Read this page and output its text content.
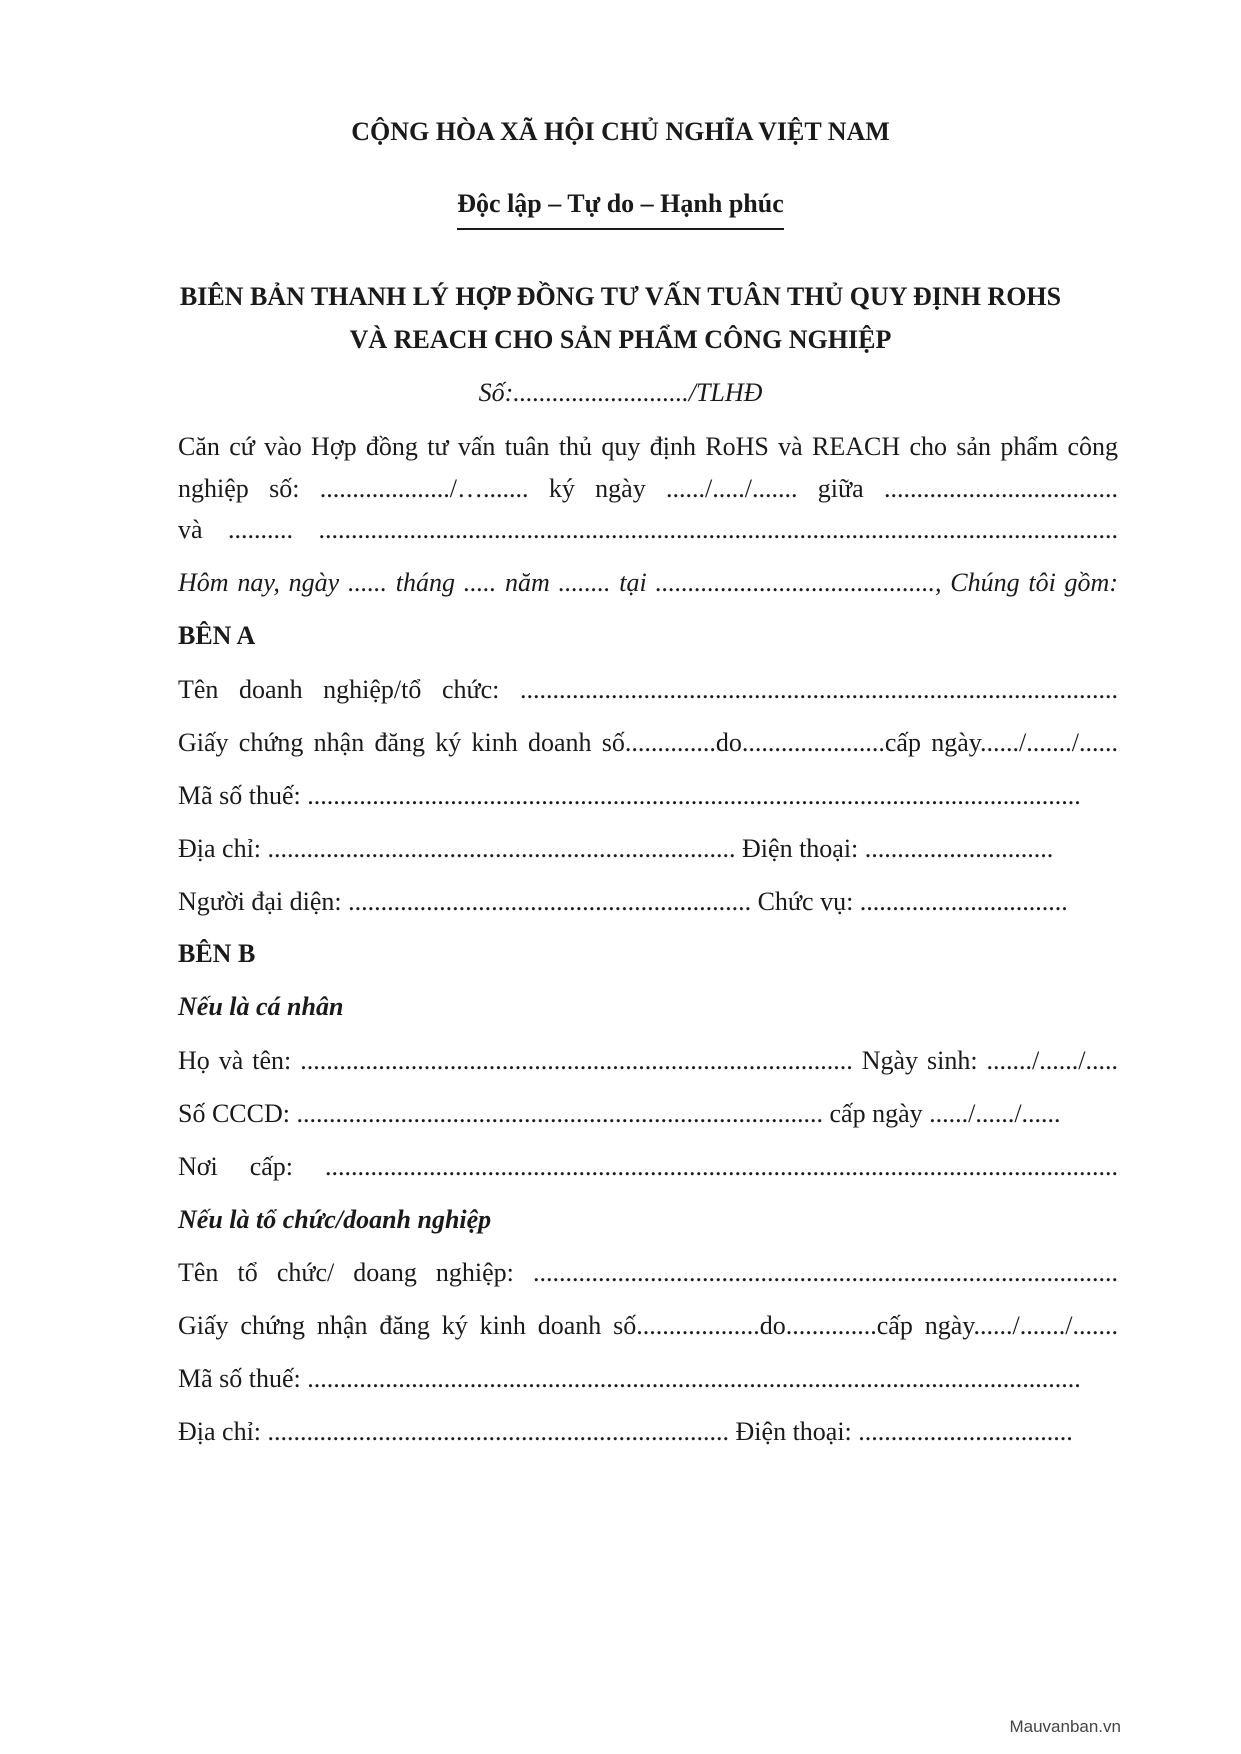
CỘNG HÒA XÃ HỘI CHỦ NGHĨA VIỆT NAM
Độc lập – Tự do – Hạnh phúc
BIÊN BẢN THANH LÝ HỢP ĐỒNG TƯ VẤN TUÂN THỦ QUY ĐỊNH ROHS
VÀ REACH CHO SẢN PHẨM CÔNG NGHIỆP
Số:.........................../TLHĐ
Căn cứ vào Hợp đồng tư vấn tuân thủ quy định RoHS và REACH cho sản phẩm công
nghiệp số: ..................../…....... ký ngày ....../...../....... giữa ....................................
và .......... ...........................................................................................................................
Hôm nay, ngày ...... tháng ..... năm ........ tại ..........................................., Chúng tôi gồm:
BÊN A
Tên doanh nghiệp/tổ chức: ............................................................................................
Giấy chứng nhận đăng ký kinh doanh số..............do......................cấp ngày....../......./......
Mã số thuế: .......................................................................................................................
Địa chỉ: ........................................................................ Điện thoại: .............................
Người đại diện: .............................................................. Chức vụ: ................................
BÊN B
Nếu là cá nhân
Họ và tên: ..................................................................................... Ngày sinh: ......./....../.....
Số CCCD: ................................................................................. cấp ngày ....../....../......
Nơi cấp: ..........................................................................................................................
Nếu là tổ chức/doanh nghiệp
Tên tổ chức/ doang nghiệp: ..........................................................................................
Giấy chứng nhận đăng ký kinh doanh số...................do..............cấp ngày....../......./.......
Mã số thuế: .......................................................................................................................
Địa chỉ: ....................................................................... Điện thoại: .................................
Mauvanban.vn
